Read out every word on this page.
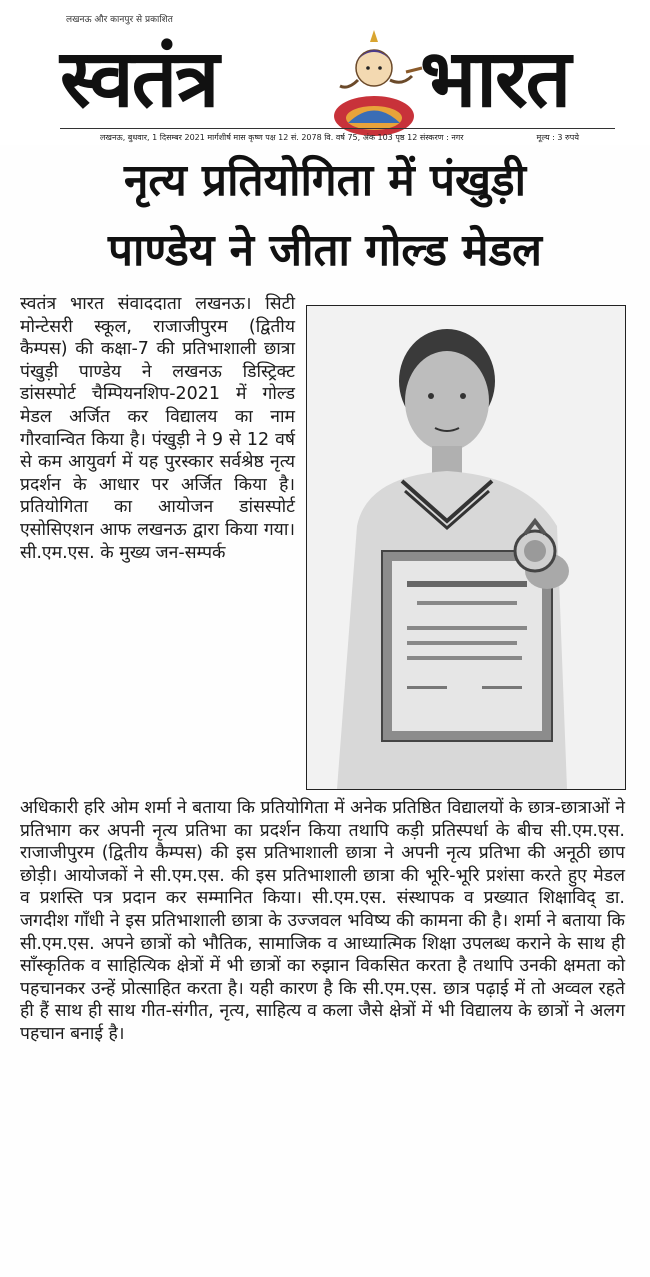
लखनऊ और कानपुर से प्रकाशित
स्वतंत्र	भारत
लखनऊ, बुधवार, 1 दिसम्बर 2021 मार्गशीर्ष मास कृष्ण पक्ष 12 सं. 2078 वि. वर्ष 75, अंक 103 पृष्ठ 12 संस्करण : नगर	मूल्य : 3 रुपये
नृत्य प्रतियोगिता में पंखुड़ी
पाण्डेय ने जीता गोल्ड मेडल
स्वतंत्र भारत संवाददाता लखनऊ। सिटी मोन्टेसरी स्कूल, राजाजीपुरम (द्वितीय कैम्पस) की कक्षा-7 की प्रतिभाशाली छात्रा पंखुड़ी पाण्डेय ने लखनऊ डिस्ट्रिक्ट डांसस्पोर्ट चैम्पियनशिप-2021 में गोल्ड मेडल अर्जित कर विद्यालय का नाम गौरवान्वित किया है। पंखुड़ी ने 9 से 12 वर्ष से कम आयुवर्ग में यह पुरस्कार सर्वश्रेष्ठ नृत्य प्रदर्शन के आधार पर अर्जित किया है। प्रतियोगिता का आयोजन डांसस्पोर्ट एसोसिएशन आफ लखनऊ द्वारा किया गया। सी.एम.एस. के मुख्य जन-सम्पर्क
अधिकारी हरि ओम शर्मा ने बताया कि प्रतियोगिता में अनेक प्रतिष्ठित विद्यालयों के छात्र-छात्राओं ने प्रतिभाग कर अपनी नृत्य प्रतिभा का प्रदर्शन किया तथापि कड़ी प्रतिस्पर्धा के बीच सी.एम.एस. राजाजीपुरम (द्वितीय कैम्पस) की इस प्रतिभाशाली छात्रा ने अपनी नृत्य प्रतिभा की अनूठी छाप छोड़ी। आयोजकों ने सी.एम.एस. की इस प्रतिभाशाली छात्रा की भूरि-भूरि प्रशंसा करते हुए मेडल व प्रशस्ति पत्र प्रदान कर सम्मानित किया। सी.एम.एस. संस्थापक व प्रख्यात शिक्षाविद् डा. जगदीश गाँधी ने इस प्रतिभाशाली छात्रा के उज्जवल भविष्य की कामना की है। शर्मा ने बताया कि सी.एम.एस. अपने छात्रों को भौतिक, सामाजिक व आध्यात्मिक शिक्षा उपलब्ध कराने के साथ ही साँस्कृतिक व साहित्यिक क्षेत्रों में भी छात्रों का रुझान विकसित करता है तथापि उनकी क्षमता को पहचानकर उन्हें प्रोत्साहित करता है। यही कारण है कि सी.एम.एस. छात्र पढ़ाई में तो अव्वल रहते ही हैं साथ ही साथ गीत-संगीत, नृत्य, साहित्य व कला जैसे क्षेत्रों में भी विद्यालय के छात्रों ने अलग पहचान बनाई है।
